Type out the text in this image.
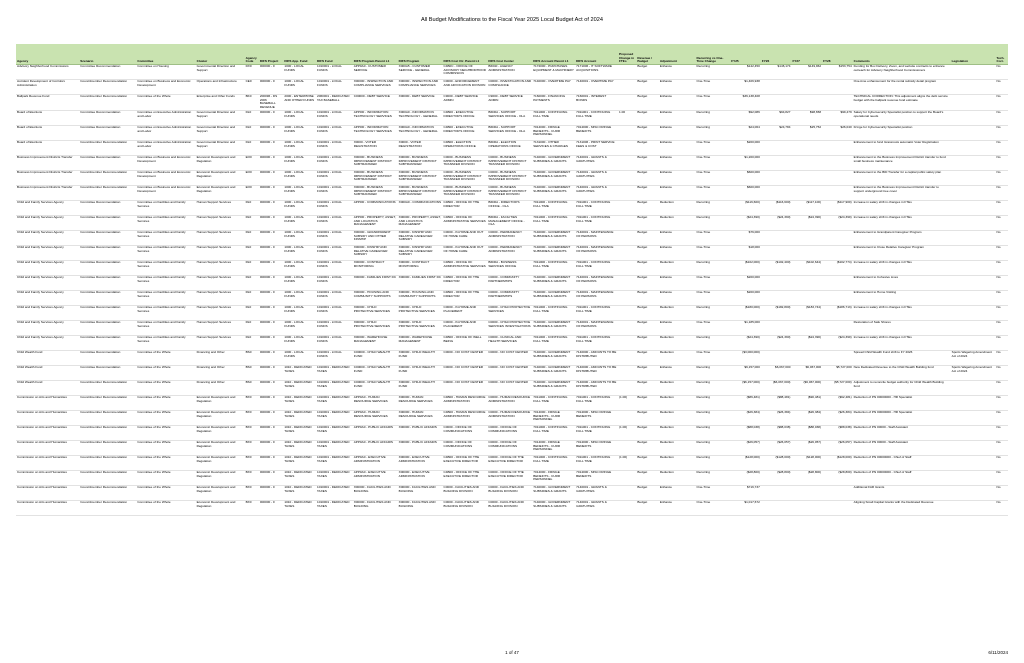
All Budget Modifications to the Fiscal Year 2025 Local Budget Act of 2024
Agency	Scenario	Committee	Cluster	Agency Code	DIFS Project	DIFS App. Fund	DIFS Fund	DIFS Program Parent L1	DIFS Program	DIFS Cost Ctr. Parent L1	DIFS Cost Center	DIFS Account Parent L1	DIFS Account	Proposed Change in FTEs	Revenue / Budget	Adjustment	Recurring vs One-Time Change	FY25	FY26	FY27	FY28	Comments	Legislation	Tech. Corr.
Advisory Neighborhood Commissions	Committee Recommendation	Committee on Housing	Governmental Direction and Support	DX0	000000 - 0	1000 - LOCAL FUNDS	1010001 - LOCAL FUNDS	APP0A0 - CUSTOMER SERVICE	X000A5 - CUSTOMER SERVICE - GENERAL	C4B0C - OFFICE OF ADVISORY NEIGHBORHOOD COMMISSION	B6040 - AGENCY ADMINISTRATION	7172000 - PURCHASES EQUIPMENT & MACHINERY	7171006 - IT SOFTWARE ACQUISITIONS		Budget	Enhance	Recurring	$142,450	$146,174	$149,962	$153,754	Funding for Box Delivery, Zoom, and website contracts to enhance outreach for Advisory Neighborhood Commissioners		No
Accident Development of Corridors Administration	Councilmember Recommendation	Committee on Business and Economic Development	Operations and Infrastructure	CE0	000000 - 0	1000 - LOCAL FUNDS	1010001 - LOCAL FUNDS	X00000 - INSPECTION AND COMPLIANCE SERVICES	X00000 - INSPECTION AND COMPLIANCE SERVICES	C0000 - ENFORCEMENT AND ADVOCATION DIVISION	C0000 - INVESTIGATION AND COMPLIANCE	7140000 - OVERTIME PAY	7140001 - OVERTIME PAY		Budget	Enhance	One-Time	$1,406,938				One-time enhancement for the rental subsidy detail program		No
Ballpark Revenue Fund	Councilmember Recommendation	Committee of the Whole	Enterprise and Other Funds	BK0	200096 - DS 2006 BASEBALL REVENUE	2000 - ENTERPRISE AND OTHER FUNDS	2060001 - DEDICATED TAX BASEBALL	C00000 - DEBT SERVICE	X00000 - DEBT SERVICE	C9000 - DEBT SERVICE ADMIN	C9000 - DEBT SERVICE ADMIN	7160000 - FINANCING PAYMENTS	7160001 - INTEREST BONDS		Budget	Enhance	One-Time	$36,138,408				TECHNICAL CORRECTION: This adjustment aligns the debt service budget with the ballpark revenue fund estimate		No
Board of Elections	Committee Recommendation	Committee on Executive Administration and Labor	Governmental Direction and Support	DL0	000000 - 0	1000 - LOCAL FUNDS	1010001 - LOCAL FUNDS	APP0I0 - INFORMATION TECHNOLOGY SERVICES	X000A0 - INFORMATION TECHNOLOGY - GENERAL	C4B00 - EXECUTIVE DIRECTOR'S OFFICE	B6D0A - SUPPORT SERVICES OFFICE - OLA	7011000 - CONTINUING FULL TIME	7011001 - CONTINUING FULL TIME	1.00	Budget	Enhance	Recurring	$92,086	$94,827	$98,658	$99,479	Salary for Cybersecurity Specialist position to support the Board's operational needs		No
Board of Elections	Committee Recommendation	Committee on Executive Administration and Labor	Governmental Direction and Support	DL0	000000 - 0	1000 - LOCAL FUNDS	1010001 - LOCAL FUNDS	APP0I0 - INFORMATION TECHNOLOGY SERVICES	X000A0 - INFORMATION TECHNOLOGY - GENERAL	C4B00 - EXECUTIVE DIRECTOR'S OFFICE	B6D0A - SUPPORT SERVICES OFFICE - OLA	7014000 - FRINGE BENEFITS - CURR PERSONNEL	7014000 - MISC FRINGE BENEFITS		Budget	Enhance	Recurring	$24,064	$24,784	$25,752	$26,040	Fringe for Cybersecurity Specialist position		No
Board of Elections	Councilmember Recommendation	Committee on Executive Administration and Labor	Governmental Direction and Support	DL0	000000 - 0	1000 - LOCAL FUNDS	1010001 - LOCAL FUNDS	X0000 - VOTER REGISTRATION	X0000 - VOTER REGISTRATION	C4B00 - ELECTION OPERATIONS OFFICE	B6D0A - ELECTION OPERATIONS OFFICE	7131000 - OTHER SERVICES & CHARGES	7131006 - PRINT SERVICE FEES & COST		Budget	Enhance	One-Time	$200,000				Enhancement to fund Grassroots automatic Voter Registration		No
Business Improvement Districts Transfer	Committee Recommendation	Committee on Business and Economic Development	Economic Development and Regulation	EO0	000000 - 0	1000 - LOCAL FUNDS	1010001 - LOCAL FUNDS	X00000 - BUSINESS IMPROVEMENT DISTRICT SUBTRANSFER	X00000 - BUSINESS IMPROVEMENT DISTRICT SUBTRANSFER	C0000 - BUSINESS IMPROVEMENT DISTRICT TRANSFER DIVISION	C0000 - BUSINESS IMPROVEMENT DISTRICT TRANSFER DIVISION	7140000 - GOVERNMENT SUBSIDIES & GRANTS	7140001 - GRANTS & GRATUITIES		Budget	Enhance	One-Time	$1,200,000				Enhancement to the Business Improvement District transfer to fund small business maintenance		No
Business Improvement Districts Transfer	Councilmember Recommendation	Committee on Business and Economic Development	Economic Development and Regulation	EO0	000000 - 0	1000 - LOCAL FUNDS	1010001 - LOCAL FUNDS	X00000 - BUSINESS IMPROVEMENT DISTRICT SUBTRANSFER	X00000 - BUSINESS IMPROVEMENT DISTRICT SUBTRANSFER	C0000 - BUSINESS IMPROVEMENT DISTRICT TRANSFER DIVISION	C0000 - BUSINESS IMPROVEMENT DISTRICT TRANSFER DIVISION	7140000 - GOVERNMENT SUBSIDIES & GRANTS	7140001 - GRANTS & GRATUITIES		Budget	Enhance	One-Time	$600,000				Enhancement to the BID Transfer for a capital public safety plan		No
Business Improvement Districts Transfer	Councilmember Recommendation	Committee on Business and Economic Development	Economic Development and Regulation	EO0	000000 - 0	1000 - LOCAL FUNDS	1010001 - LOCAL FUNDS	X00000 - BUSINESS IMPROVEMENT DISTRICT SUBTRANSFER	X00000 - BUSINESS IMPROVEMENT DISTRICT SUBTRANSFER	C0000 - BUSINESS IMPROVEMENT DISTRICT TRANSFER DIVISION	C0000 - BUSINESS IMPROVEMENT DISTRICT TRANSFER DIVISION	7140000 - GOVERNMENT SUBSIDIES & GRANTS	7140001 - GRANTS & GRATUITIES		Budget	Enhance	One-Time	$600,000				Enhancement to the Business Improvement District transfer to support underground tree cover		No
Child and Family Services Agency	Committee Recommendation	Committee on Facilities and Family Services	Human Support Services	RL0	000000 - 0	1000 - LOCAL FUNDS	1010001 - LOCAL FUNDS	APP0I0 - COMMUNICATIONS	X000A0 - COMMUNICATIONS	C4B00 - OFFICE OF THE DIRECTOR	B6D0A - DIRECTOR'S OFFICE - OLA	7011000 - CONTINUING FULL TIME	7011001 - CONTINUING FULL TIME		Budget	Reduction	Recurring	($116,600)	($116,600)	($117,100)	($117,900)	Increase in salary shift in changes in FTEs		No
Child and Family Services Agency	Committee Recommendation	Committee on Facilities and Family Services	Human Support Services	RL0	000000 - 0	1000 - LOCAL FUNDS	1010001 - LOCAL FUNDS	APP0I0 - PROPERTY, ASSET, AND LOGISTICS MANAGEMENT	X00000 - PROPERTY, ASSET, AND LOGISTICS MANAGEMENT	C4B00 - OFFICE OF ADMINISTRATIVE SERVICES	B6D0A - FACILITIES MANAGEMENT OFFICE - OLA	7011000 - CONTINUING FULL TIME	7011001 - CONTINUING FULL TIME		Budget	Reduction	Recurring	($24,390)	($24,390)	($24,390)	($24,390)	Increase in salary shift in changes in FTEs		No
Child and Family Services Agency	Committee Recommendation	Committee on Facilities and Family Services	Human Support Services	RL0	000000 - 0	1000 - LOCAL FUNDS	1010001 - LOCAL FUNDS	X00000 - GRANDPARENT SUBSIDY AND OTHER KINSHIP	X00000 - KINSHIP AND RELATIVE CAREGIVER SUBSIDY	C0000 - IN-HOME AND OUT OF HOME CARE	C0000 - PERMANENCY ADMINISTRATION	7140000 - GOVERNMENT SUBSIDIES & GRANTS	7140001 - MAINTENANCE OF PERSONS		Budget	Enhance	One-Time	$76,000				Enhancement to Grandparent Caregiver Program		No
Child and Family Services Agency	Committee Recommendation	Committee on Facilities and Family Services	Human Support Services	RL0	000000 - 0	1000 - LOCAL FUNDS	1010001 - LOCAL FUNDS	X00000 - KINSHIP AND RELATIVE CAREGIVER SUBSIDY	X00000 - KINSHIP AND RELATIVE CAREGIVER SUBSIDY	C0000 - IN-HOME AND OUT OF HOME CARE	C0000 - PERMANENCY ADMINISTRATION	7140000 - GOVERNMENT SUBSIDIES & GRANTS	7140001 - MAINTENANCE OF PERSONS		Budget	Enhance	One-Time	$18,000				Enhancement to Close Relative Caregiver Program		No
Child and Family Services Agency	Committee Recommendation	Committee on Facilities and Family Services	Human Support Services	RL0	000000 - 0	1000 - LOCAL FUNDS	1010001 - LOCAL FUNDS	X00000 - CONTRACT MONITORING	X00000 - CONTRACT MONITORING	C4B00 - OFFICE OF ADMINISTRATIVE SERVICES	B6D0A - BUSINESS SERVICES OFFICE	7011000 - CONTINUING FULL TIME	7011001 - CONTINUING FULL TIME		Budget	Reduction	Recurring	($102,000)	($102,400)	($102,644)	($102,774)	Increase in salary shift in changes in FTEs		No
Child and Family Services Agency	Committee Recommendation	Committee on Facilities and Family Services	Human Support Services	RL0	000000 - 0	1000 - LOCAL FUNDS	1010001 - LOCAL FUNDS	X00000 - FAMILIES FIRST DC	X00000 - FAMILIES FIRST DC	C4B00 - OFFICE OF THE DIRECTOR	C0000 - COMMUNITY PARTNERSHIPS	7140000 - GOVERNMENT SUBSIDIES & GRANTS	7140001 - MAINTENANCE OF PERSONS		Budget	Enhance	One-Time	$200,000				Enhancement to Cohesive Lives		No
Child and Family Services Agency	Committee Recommendation	Committee on Facilities and Family Services	Human Support Services	RL0	000000 - 0	1000 - LOCAL FUNDS	1010001 - LOCAL FUNDS	X00000 - HOUSING AND COMMUNITY SUPPORTS	X00000 - HOUSING AND COMMUNITY SUPPORTS	C4B00 - OFFICE OF THE DIRECTOR	C0000 - COMMUNITY PARTNERSHIPS	7140000 - GOVERNMENT SUBSIDIES & GRANTS	7140001 - MAINTENANCE OF PERSONS		Budget	Enhance	One-Time	$200,000				Enhancement to Home Visiting		No
Child and Family Services Agency	Committee Recommendation	Committee on Facilities and Family Services	Human Support Services	RL0	000000 - 0	1000 - LOCAL FUNDS	1010001 - LOCAL FUNDS	X00000 - CHILD PROTECTIVE SERVICES	X00000 - CHILD PROTECTIVE SERVICES	C0000 - IN-HOME AND PLACEMENT	C0000 - CHILD PROTECTIVE SERVICES	7011000 - CONTINUING FULL TIME	7011001 - CONTINUING FULL TIME		Budget	Reduction	Recurring	($180,000)	($182,800)	($183,744)	($186,713)	Increase in salary shift in changes in FTEs		No
Child and Family Services Agency	Committee Recommendation	Committee on Facilities and Family Services	Human Support Services	RL0	000000 - 0	1000 - LOCAL FUNDS	1010001 - LOCAL FUNDS	X00000 - CHILD PROTECTIVE SERVICES	X00000 - CHILD PROTECTIVE SERVICES	C0000 - IN-HOME AND PLACEMENT	C0000 - CHILD PROTECTIVE SERVICES INVESTIGATIONS	7140000 - GOVERNMENT SUBSIDIES & GRANTS	7140001 - MAINTENANCE OF PERSONS		Budget	Enhance	One-Time	$1,185,000				Restoration of Safe Shores		No
Child and Family Services Agency	Committee Recommendation	Committee on Facilities and Family Services	Human Support Services	RL0	000000 - 0	1000 - LOCAL FUNDS	1010001 - LOCAL FUNDS	X00000 - WAREHOUSE MANAGEMENT	X00000 - WAREHOUSE MANAGEMENT	C4B00 - OFFICE OF WELL BEING	C0000 - CLINICAL AND HEALTH SERVICES	7011000 - CONTINUING FULL TIME	7011001 - CONTINUING FULL TIME		Budget	Reduction	Recurring	($24,390)	($24,390)	($24,390)	($24,390)	Increase in salary shift in changes in FTEs		No
Child Wealth Fund	Committee Recommendation	Committee of the Whole	Financing and Other	BS0	000000 - 0	1000 - LOCAL FUNDS	1010001 - LOCAL FUNDS	C00000 - CHILD WEALTH FUND	X00000 - CHILD WEALTH FUND	C0000 - NO COST CENTER	C0000 - NO COST CENTER	7140000 - GOVERNMENT SUBSIDIES & GRANTS	7140000 - AMOUNTS TO BE DISTRIBUTED		Budget	Reduction	One-Time	($3,000,000)				Spread Child Wealth Fund shift to FY 2026	Sports Wagering Amendment Act of 2024	No
Child Wealth Fund	Committee Recommendation	Committee of the Whole	Financing and Other	BS0	000000 - 0	1010 - DEDICATED TAXES	1010001 - DEDICATED TAXES	C00000 - CHILD WEALTH FUND	X00000 - CHILD WEALTH FUND	C0000 - NO COST CENTER	C0000 - NO COST CENTER	7140000 - GOVERNMENT SUBSIDIES & GRANTS	7140000 - AMOUNTS TO BE DISTRIBUTED		Budget	Enhance	Recurring	$6,157,000	$6,067,000	$6,067,000	$5,727,000	New Dedicated Revenue to the Child Wealth Building fund	Sports Wagering Amendment Act of 2024	No
Child Wealth Fund	Councilmember Recommendation	Committee of the Whole	Financing and Other	BS0	000000 - 0	1010 - DEDICATED TAXES	1010001 - DEDICATED TAXES	C00000 - CHILD WEALTH FUND	X00000 - CHILD WEALTH FUND	C0000 - NO COST CENTER	C0000 - NO COST CENTER	7140000 - GOVERNMENT SUBSIDIES & GRANTS	7140000 - AMOUNTS TO BE DISTRIBUTED		Budget	Reduction	Recurring	($6,157,000)	($6,067,000)	($6,067,000)	($5,727,000)	Adjustment to reconcile budget authority for Child Wealth Building fund		No
Commission on Arts and Humanities	Councilmember Recommendation	Committee of the Whole	Economic Development and Regulation	BX0	000000 - 0	1010 - DEDICATED TAXES	1010001 - DEDICATED TAXES	APP0A0 - HUMAN RESOURCE SERVICES	X00000 - HUMAN RESOURCE SERVICES	C4B00 - HUMAN RESOURCE ADMINISTRATION	C0000 - HUMAN RESOURCE ADMINISTRATION	7011000 - CONTINUING FULL TIME	7011001 - CONTINUING FULL TIME	(1.00)	Budget	Reduction	Recurring	($86,481)	($88,481)	($90,481)	($92,481)	Reduction of PN 00000000 - HR Specialist		No
Commission on Arts and Humanities	Councilmember Recommendation	Committee of the Whole	Economic Development and Regulation	BX0	000000 - 0	1010 - DEDICATED TAXES	1010001 - DEDICATED TAXES	APP0A0 - HUMAN RESOURCE SERVICES	X00000 - HUMAN RESOURCE SERVICES	C4B00 - HUMAN RESOURCE ADMINISTRATION	C0000 - HUMAN RESOURCE ADMINISTRATION	7014000 - FRINGE BENEFITS - CURR PERSONNEL	7014000 - MISC FRINGE BENEFITS		Budget	Reduction	Recurring	($26,384)	($26,384)	($26,384)	($26,384)	Reduction of PN 00000000 - HR Specialist		No
Commission on Arts and Humanities	Councilmember Recommendation	Committee of the Whole	Economic Development and Regulation	BX0	000000 - 0	1010 - DEDICATED TAXES	1010001 - DEDICATED TAXES	APP0A0 - PUBLIC AFFAIRS	X00000 - PUBLIC AFFAIRS	C0000 - OFFICE OF COMMUNICATIONS	C0000 - OFFICE OF COMMUNICATIONS	7011000 - CONTINUING FULL TIME	7011001 - CONTINUING FULL TIME	(1.00)	Budget	Reduction	Recurring	($88,038)	($88,038)	($88,038)	($88,038)	Reduction of PN 00000 - Staff Assistant		No
Commission on Arts and Humanities	Councilmember Recommendation	Committee of the Whole	Economic Development and Regulation	BX0	000000 - 0	1010 - DEDICATED TAXES	1010001 - DEDICATED TAXES	APP0A0 - PUBLIC AFFAIRS	X00000 - PUBLIC AFFAIRS	C0000 - OFFICE OF COMMUNICATIONS	C0000 - OFFICE OF COMMUNICATIONS	7014000 - FRINGE BENEFITS - CURR PERSONNEL	7014000 - MISC FRINGE BENEFITS		Budget	Reduction	Recurring	($26,057)	($26,057)	($26,057)	($26,057)	Reduction of PN 00000 - Staff Assistant		No
Commission on Arts and Humanities	Councilmember Recommendation	Committee of the Whole	Economic Development and Regulation	BX0	000000 - 0	1010 - DEDICATED TAXES	1010001 - DEDICATED TAXES	APP0A0 - EXECUTIVE ADMINISTRATION	X00000 - EXECUTIVE ADMINISTRATION	C4B00 - OFFICE OF THE EXECUTIVE DIRECTOR	C0000 - OFFICE OF THE EXECUTIVE DIRECTOR	7011000 - CONTINUING FULL TIME	7011001 - CONTINUING FULL TIME	(1.00)	Budget	Reduction	Recurring	($128,000)	($128,000)	($128,000)	($128,000)	Reduction of PN 00000000 - Chief of Staff		No
Commission on Arts and Humanities	Councilmember Recommendation	Committee of the Whole	Economic Development and Regulation	BX0	000000 - 0	1010 - DEDICATED TAXES	1010001 - DEDICATED TAXES	APP0A0 - EXECUTIVE ADMINISTRATION	X00000 - EXECUTIVE ADMINISTRATION	C4B00 - OFFICE OF THE EXECUTIVE DIRECTOR	C0000 - OFFICE OF THE EXECUTIVE DIRECTOR	7014000 - FRINGE BENEFITS - CURR PERSONNEL	7014000 - MISC FRINGE BENEFITS		Budget	Reduction	Recurring	($28,800)	($28,800)	($28,800)	($28,800)	Reduction of PN 00000000 - Chief of Staff		No
Commission on Arts and Humanities	Councilmember Recommendation	Committee of the Whole	Economic Development and Regulation	BX0	000000 - 0	1010 - DEDICATED TAXES	1010001 - DEDICATED TAXES	X00000 - FACILITIES AND BUILDING	X00000 - FACILITIES AND BUILDING	C0000 - FACILITIES AND BUILDING DIVISION	C0000 - FACILITIES AND BUILDING DIVISION	7140000 - GOVERNMENT SUBSIDIES & GRANTS	7140001 - GRANTS & GRATUITIES		Budget	Enhance	One-Time	$716,737				Additional FAR Grants		No
Commission on Arts and Humanities	Councilmember Recommendation	Committee of the Whole	Economic Development and Regulation	BX0	000000 - 0	1010 - DEDICATED TAXES	1010001 - DEDICATED TAXES	X00000 - FACILITIES AND BUILDING	X00000 - FACILITIES AND BUILDING	C0000 - FACILITIES AND BUILDING DIVISION	C0000 - FACILITIES AND BUILDING DIVISION	7140000 - GOVERNMENT SUBSIDIES & GRANTS	7140001 - GRANTS & GRATUITIES		Budget	Enhance	One-Time	$1,017,672				Aligning Small Capital Grants with the Dedicated Revenue		No
1 of 47	6/11/2024
